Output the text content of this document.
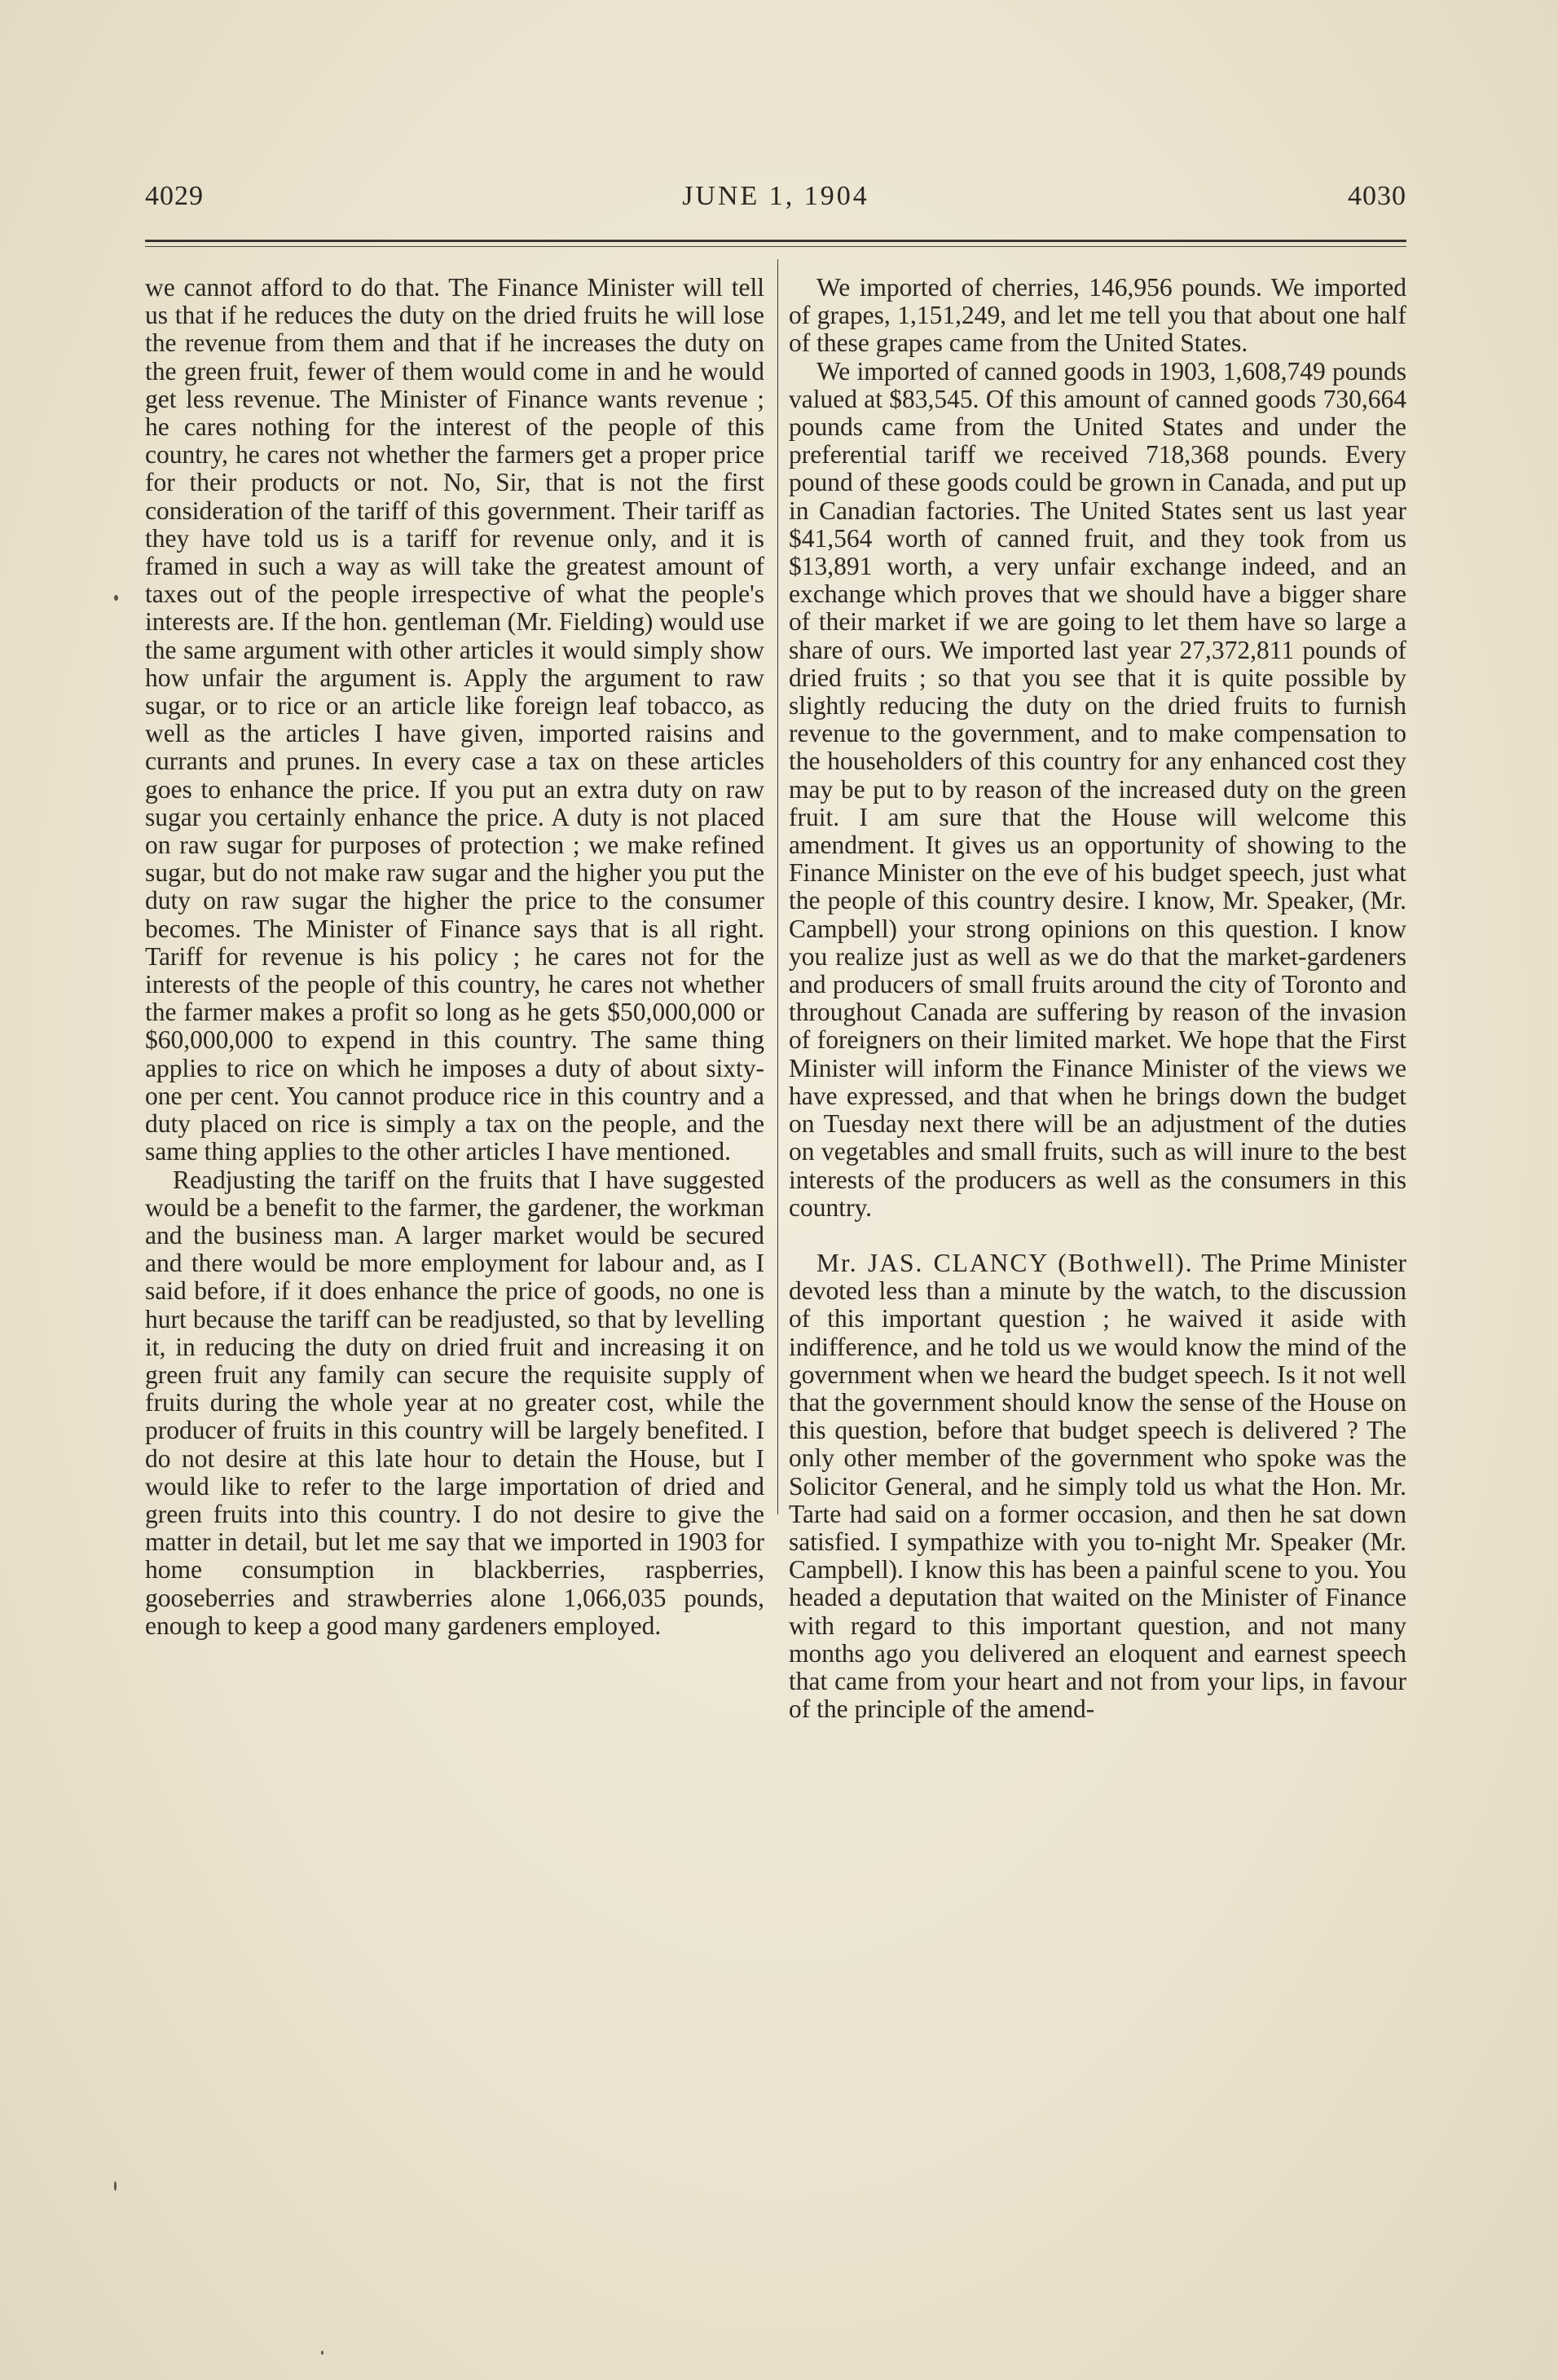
4029	JUNE 1, 1904	4030

we cannot afford to do that. The Finance Minister will tell us that if he reduces the duty on the dried fruits he will lose the revenue from them and that if he increases the duty on the green fruit, fewer of them would come in and he would get less revenue. The Minister of Finance wants revenue ; he cares nothing for the interest of the people of this country, he cares not whether the farmers get a proper price for their products or not. No, Sir, that is not the first consideration of the tariff of this government. Their tariff as they have told us is a tariff for revenue only, and it is framed in such a way as will take the greatest amount of taxes out of the people irrespective of what the people's interests are. If the hon. gentleman (Mr. Fielding) would use the same argument with other articles it would simply show how unfair the argument is. Apply the argument to raw sugar, or to rice or an article like foreign leaf tobacco, as well as the articles I have given, imported raisins and currants and prunes. In every case a tax on these articles goes to enhance the price. If you put an extra duty on raw sugar you certainly enhance the price. A duty is not placed on raw sugar for purposes of protection ; we make refined sugar, but do not make raw sugar and the higher you put the duty on raw sugar the higher the price to the consumer becomes. The Minister of Finance says that is all right. Tariff for revenue is his policy ; he cares not for the interests of the people of this country, he cares not whether the farmer makes a profit so long as he gets $50,000,000 or $60,000,000 to expend in this country. The same thing applies to rice on which he imposes a duty of about sixty-one per cent. You cannot produce rice in this country and a duty placed on rice is simply a tax on the people, and the same thing applies to the other articles I have mentioned.

Readjusting the tariff on the fruits that I have suggested would be a benefit to the farmer, the gardener, the workman and the business man. A larger market would be secured and there would be more employment for labour and, as I said before, if it does enhance the price of goods, no one is hurt because the tariff can be readjusted, so that by levelling it, in reducing the duty on dried fruit and increasing it on green fruit any family can secure the requisite supply of fruits during the whole year at no greater cost, while the producer of fruits in this country will be largely benefited. I do not desire at this late hour to detain the House, but I would like to refer to the large importation of dried and green fruits into this country. I do not desire to give the matter in detail, but let me say that we imported in 1903 for home consumption in blackberries, raspberries, gooseberries and strawberries alone 1,066,035 pounds, enough to keep a good many gardeners employed.

We imported of cherries, 146,956 pounds. We imported of grapes, 1,151,249, and let me tell you that about one half of these grapes came from the United States.

We imported of canned goods in 1903, 1,608,749 pounds valued at $83,545. Of this amount of canned goods 730,664 pounds came from the United States and under the preferential tariff we received 718,368 pounds. Every pound of these goods could be grown in Canada, and put up in Canadian factories. The United States sent us last year $41,564 worth of canned fruit, and they took from us $13,891 worth, a very unfair exchange indeed, and an exchange which proves that we should have a bigger share of their market if we are going to let them have so large a share of ours. We imported last year 27,372,811 pounds of dried fruits ; so that you see that it is quite possible by slightly reducing the duty on the dried fruits to furnish revenue to the government, and to make compensation to the householders of this country for any enhanced cost they may be put to by reason of the increased duty on the green fruit. I am sure that the House will welcome this amendment. It gives us an opportunity of showing to the Finance Minister on the eve of his budget speech, just what the people of this country desire. I know, Mr. Speaker, (Mr. Campbell) your strong opinions on this question. I know you realize just as well as we do that the market-gardeners and producers of small fruits around the city of Toronto and throughout Canada are suffering by reason of the invasion of foreigners on their limited market. We hope that the First Minister will inform the Finance Minister of the views we have expressed, and that when he brings down the budget on Tuesday next there will be an adjustment of the duties on vegetables and small fruits, such as will inure to the best interests of the producers as well as the consumers in this country.

Mr. JAS. CLANCY (Bothwell). The Prime Minister devoted less than a minute by the watch, to the discussion of this important question ; he waived it aside with indifference, and he told us we would know the mind of the government when we heard the budget speech. Is it not well that the government should know the sense of the House on this question, before that budget speech is delivered ? The only other member of the government who spoke was the Solicitor General, and he simply told us what the Hon. Mr. Tarte had said on a former occasion, and then he sat down satisfied. I sympathize with you to-night Mr. Speaker (Mr. Campbell). I know this has been a painful scene to you. You headed a deputation that waited on the Minister of Finance with regard to this important question, and not many months ago you delivered an eloquent and earnest speech that came from your heart and not from your lips, in favour of the principle of the amend-
